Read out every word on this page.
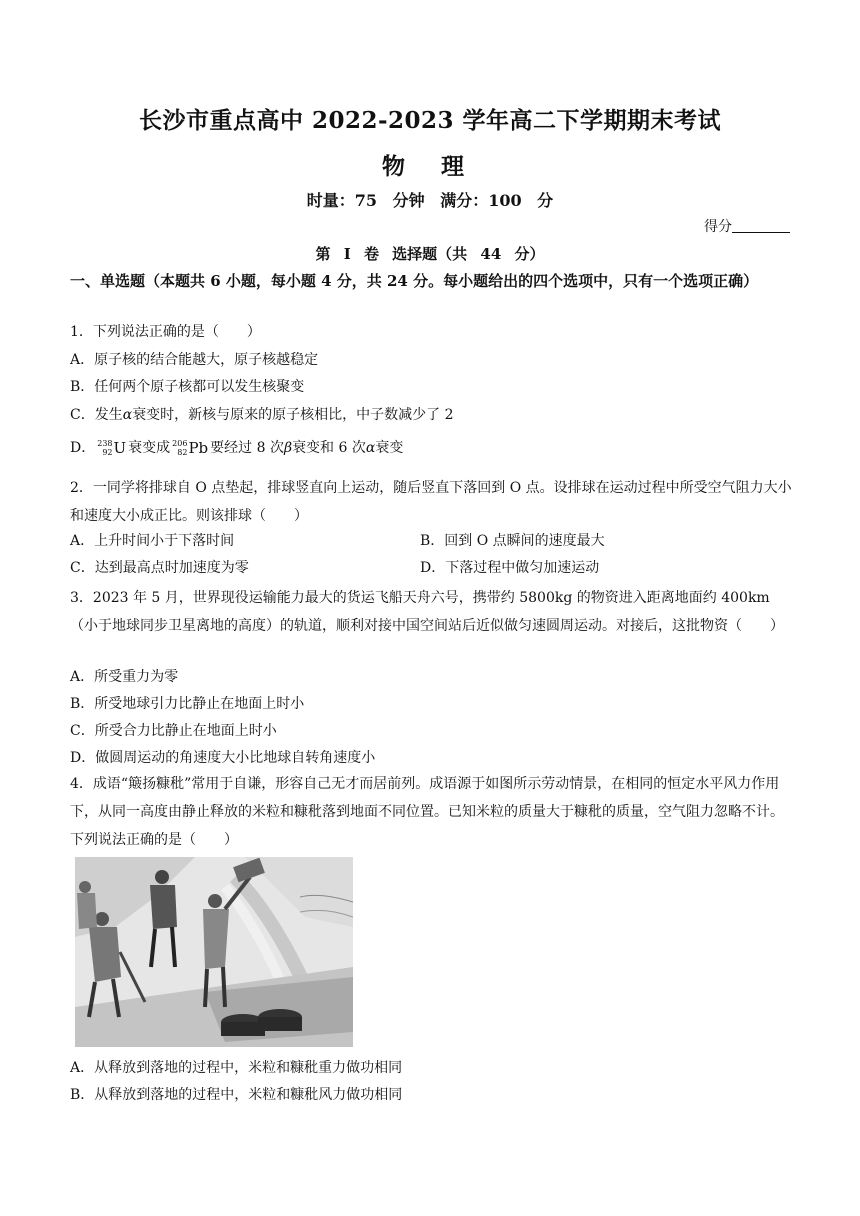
长沙市重点高中 2022-2023 学年高二下学期期末考试
物 理
时量：75 分钟 满分：100 分
得分
第 I 卷 选择题（共 44 分）
一、单选题（本题共 6 小题，每小题 4 分，共 24 分。每小题给出的四个选项中，只有一个选项正确）
1．下列说法正确的是（　　）
A．原子核的结合能越大，原子核越稳定
B．任何两个原子核都可以发生核聚变
C．发生α衰变时，新核与原来的原子核相比，中子数减少了 2
D． 238
92 U 衰变成 206
82 Pb 要经过 8 次β衰变和 6 次α衰变
2．一同学将排球自 O 点垫起，排球竖直向上运动，随后竖直下落回到 O 点。设排球在运动过程中所受空气阻力大小和速度大小成正比。则该排球（　　）
A．上升时间小于下落时间	B．回到 O 点瞬间的速度最大
C．达到最高点时加速度为零	D．下落过程中做匀加速运动
3．2023 年 5 月，世界现役运输能力最大的货运飞船天舟六号，携带约 5800kg 的物资进入距离地面约 400km（小于地球同步卫星离地的高度）的轨道，顺利对接中国空间站后近似做匀速圆周运动。对接后，这批物资（　　）
A．所受重力为零
B．所受地球引力比静止在地面上时小
C．所受合力比静止在地面上时小
D．做圆周运动的角速度大小比地球自转角速度小
4．成语“簸扬糠秕”常用于自谦，形容自己无才而居前列。成语源于如图所示劳动情景，在相同的恒定水平风力作用下，从同一高度由静止释放的米粒和糠秕落到地面不同位置。已知米粒的质量大于糠秕的质量，空气阻力忽略不计。下列说法正确的是（　　）
A．从释放到落地的过程中，米粒和糠秕重力做功相同
B．从释放到落地的过程中，米粒和糠秕风力做功相同
